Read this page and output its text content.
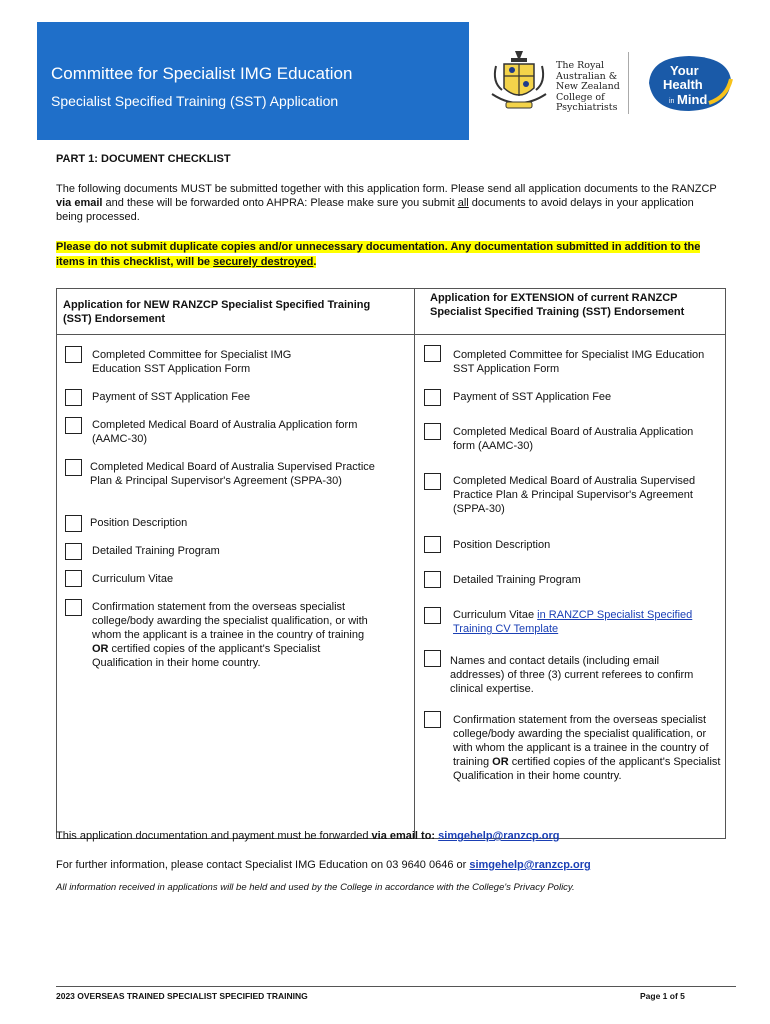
Committee for Specialist IMG Education
Specialist Specified Training (SST) Application
The Royal
Australian &
New Zealand
College of
Psychiatrists
Your
Health
in Mind
PART 1: DOCUMENT CHECKLIST
The following documents MUST be submitted together with this application form. Please send all application documents to the RANZCP via email and these will be forwarded onto AHPRA: Please make sure you submit all documents to avoid delays in your application being processed.
Please do not submit duplicate copies and/or unnecessary documentation. Any documentation submitted in addition to the items in this checklist, will be securely destroyed.
Application for NEW RANZCP Specialist Specified Training (SST) Endorsement
Application for EXTENSION of current RANZCP Specialist Specified Training (SST) Endorsement
Completed Committee for Specialist IMG Education SST Application Form
Payment of SST Application Fee
Completed Medical Board of Australia Application form (AAMC-30)
Completed Medical Board of Australia Supervised Practice Plan & Principal Supervisor's Agreement (SPPA-30)
Position Description
Detailed Training Program
Curriculum Vitae
Confirmation statement from the overseas specialist college/body awarding the specialist qualification, or with whom the applicant is a trainee in the country of training OR certified copies of the applicant's Specialist Qualification in their home country.
Completed Committee for Specialist IMG Education SST Application Form
Payment of SST Application Fee
Completed Medical Board of Australia Application form (AAMC-30)
Completed Medical Board of Australia Supervised Practice Plan & Principal Supervisor's Agreement (SPPA-30)
Position Description
Detailed Training Program
Curriculum Vitae in RANZCP Specialist Specified Training CV Template
Names and contact details (including email addresses) of three (3) current referees to confirm clinical expertise.
Confirmation statement from the overseas specialist college/body awarding the specialist qualification, or with whom the applicant is a trainee in the country of training OR certified copies of the applicant's Specialist Qualification in their home country.
This application documentation and payment must be forwarded via email to: simgehelp@ranzcp.org
For further information, please contact Specialist IMG Education on 03 9640 0646 or simgehelp@ranzcp.org
All information received in applications will be held and used by the College in accordance with the College's Privacy Policy.
2023 OVERSEAS TRAINED SPECIALIST SPECIFIED TRAINING	Page 1 of 5
